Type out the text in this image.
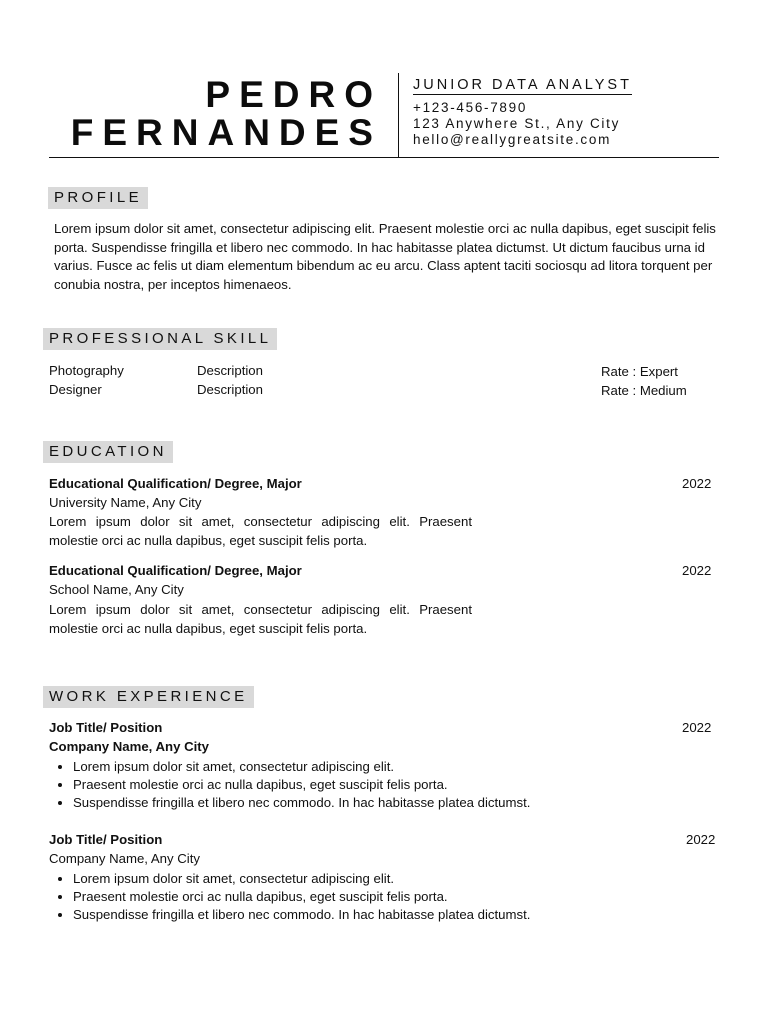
PEDRO
FERNANDES
JUNIOR DATA ANALYST
+123-456-7890
123 Anywhere St., Any City
hello@reallygreatsite.com
PROFILE
Lorem ipsum dolor sit amet, consectetur adipiscing elit. Praesent molestie orci ac nulla dapibus, eget suscipit felis porta. Suspendisse fringilla et libero nec commodo. In hac habitasse platea dictumst. Ut dictum faucibus urna id varius. Fusce ac felis ut diam elementum bibendum ac eu arcu. Class aptent taciti sociosqu ad litora torquent per conubia nostra, per inceptos himenaeos.
PROFESSIONAL SKILL
Photography	Description	Rate : Expert
Designer	Description	Rate : Medium
EDUCATION
Educational Qualification/ Degree, Major	2022
University Name, Any City
Lorem ipsum dolor sit amet, consectetur adipiscing elit. Praesent molestie orci ac nulla dapibus, eget suscipit felis porta.
Educational Qualification/ Degree, Major	2022
School Name, Any City
Lorem ipsum dolor sit amet, consectetur adipiscing elit. Praesent molestie orci ac nulla dapibus, eget suscipit felis porta.
WORK EXPERIENCE
Job Title/ Position	2022
Company Name, Any City
• Lorem ipsum dolor sit amet, consectetur adipiscing elit.
• Praesent molestie orci ac nulla dapibus, eget suscipit felis porta.
• Suspendisse fringilla et libero nec commodo. In hac habitasse platea dictumst.
Job Title/ Position	2022
Company Name, Any City
• Lorem ipsum dolor sit amet, consectetur adipiscing elit.
• Praesent molestie orci ac nulla dapibus, eget suscipit felis porta.
• Suspendisse fringilla et libero nec commodo. In hac habitasse platea dictumst.
